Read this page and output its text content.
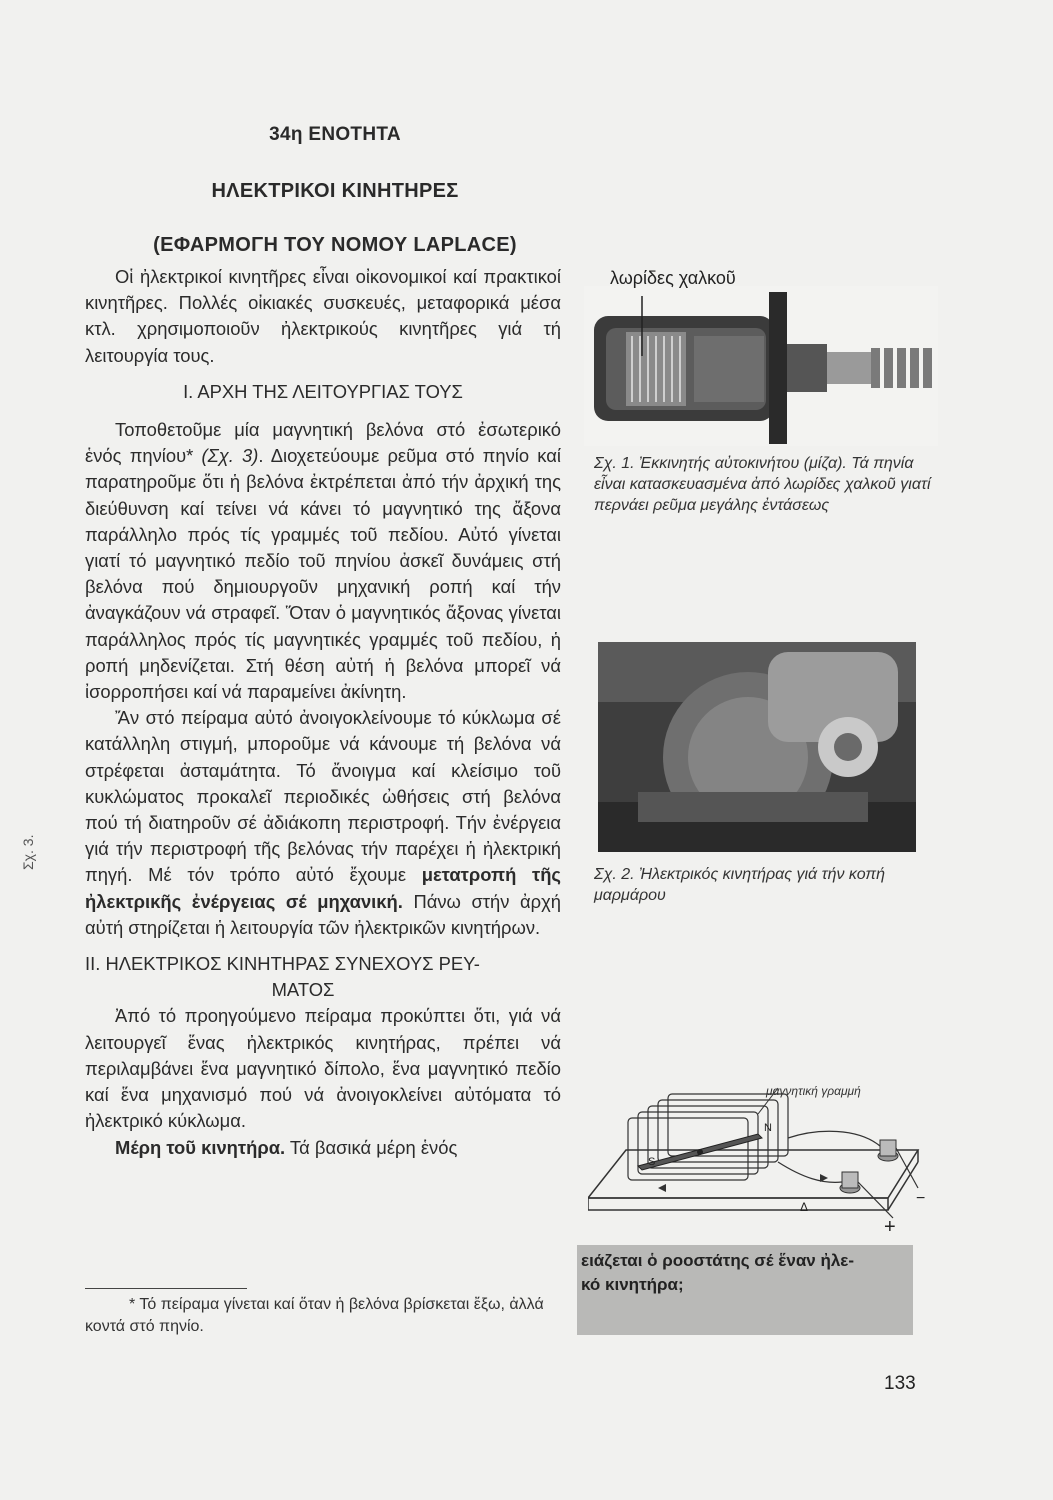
34η ΕΝΟΤΗΤΑ
ΗΛΕΚΤΡΙΚΟΙ ΚΙΝΗΤΗΡΕΣ
(ΕΦΑΡΜΟΓΗ ΤΟΥ ΝΟΜΟΥ LAPLACE)

Οἱ ἠλεκτρικοί κινητῆρες εἶναι οἰκονομικοί καί πρακτικοί κινητῆρες. Πολλές οἰκιακές συσκευές, μεταφορικά μέσα κτλ. χρησιμοποιοῦν ἠλεκτρικούς κινητῆρες γιά τή λειτουργία τους.

Ι. ΑΡΧΗ ΤΗΣ ΛΕΙΤΟΥΡΓΙΑΣ ΤΟΥΣ

Τοποθετοῦμε μία μαγνητική βελόνα στό ἐσωτερικό ἑνός πηνίου* (Σχ. 3). Διοχετεύουμε ρεῦμα στό πηνίο καί παρατηροῦμε ὅτι ἡ βελόνα ἐκτρέπεται ἀπό τήν ἀρχική της διεύθυνση καί τείνει νά κάνει τό μαγνητικό της ἄξονα παράλληλο πρός τίς γραμμές τοῦ πεδίου. Αὐτό γίνεται γιατί τό μαγνητικό πεδίο τοῦ πηνίου ἀσκεῖ δυνάμεις στή βελόνα πού δημιουργοῦν μηχανική ροπή καί τήν ἀναγκάζουν νά στραφεῖ. Ὅταν ὁ μαγνητικός ἄξονας γίνεται παράλληλος πρός τίς μαγνητικές γραμμές τοῦ πεδίου, ἡ ροπή μηδενίζεται. Στή θέση αὐτή ἡ βελόνα μπορεῖ νά ἰσορροπήσει καί νά παραμείνει ἀκίνητη.

Ἄν στό πείραμα αὐτό ἀνοιγοκλείνουμε τό κύκλωμα σέ κατάλληλη στιγμή, μποροῦμε νά κάνουμε τή βελόνα νά στρέφεται ἀσταμάτητα. Τό ἄνοιγμα καί κλείσιμο τοῦ κυκλώματος προκαλεῖ περιοδικές ὠθήσεις στή βελόνα πού τή διατηροῦν σέ ἀδιάκοπη περιστροφή. Τήν ἐνέργεια γιά τήν περιστροφή τῆς βελόνας τήν παρέχει ἡ ἠλεκτρική πηγή. Μέ τόν τρόπο αὐτό ἔχουμε μετατροπή τῆς ἠλεκτρικῆς ἐνέργειας σέ μηχανική. Πάνω στήν ἀρχή αὐτή στηρίζεται ἡ λειτουργία τῶν ἠλεκτρικῶν κινητήρων.

ΙΙ. ΗΛΕΚΤΡΙΚΟΣ ΚΙΝΗΤΗΡΑΣ ΣΥΝΕΧΟΥΣ ΡΕΥ-
ΜΑΤΟΣ

Ἀπό τό προηγούμενο πείραμα προκύπτει ὅτι, γιά νά λειτουργεῖ ἕνας ἠλεκτρικός κινητήρας, πρέπει νά περιλαμβάνει ἕνα μαγνητικό δίπολο, ἕνα μαγνητικό πεδίο καί ἕνα μηχανισμό πού νά ἀνοιγοκλείνει αὐτόματα τό ἠλεκτρικό κύκλωμα.

Μέρη τοῦ κινητήρα. Τά βασικά μέρη ἑνός

* Τό πείραμα γίνεται καί ὅταν ἡ βελόνα βρίσκεται ἔξω, ἀλλά κοντά στό πηνίο.
Σχ. 3.
λωρίδες χαλκοῦ
Σχ. 1. Ἐκκινητής αὐτοκινήτου (μίζα). Τά πηνία εἶναι κατασκευασμένα ἀπό λωρίδες χαλκοῦ γιατί περνάει ρεῦμα μεγάλης ἐντάσεως
Σχ. 2. Ἠλεκτρικός κινητήρας γιά τήν κοπή μαρμάρου
μαγνητική γραμμή
S
N
Δ	−
+
ειάζεται ὁ ροοστάτης σέ ἕναν ἠλε-
κό κινητήρα;
133
